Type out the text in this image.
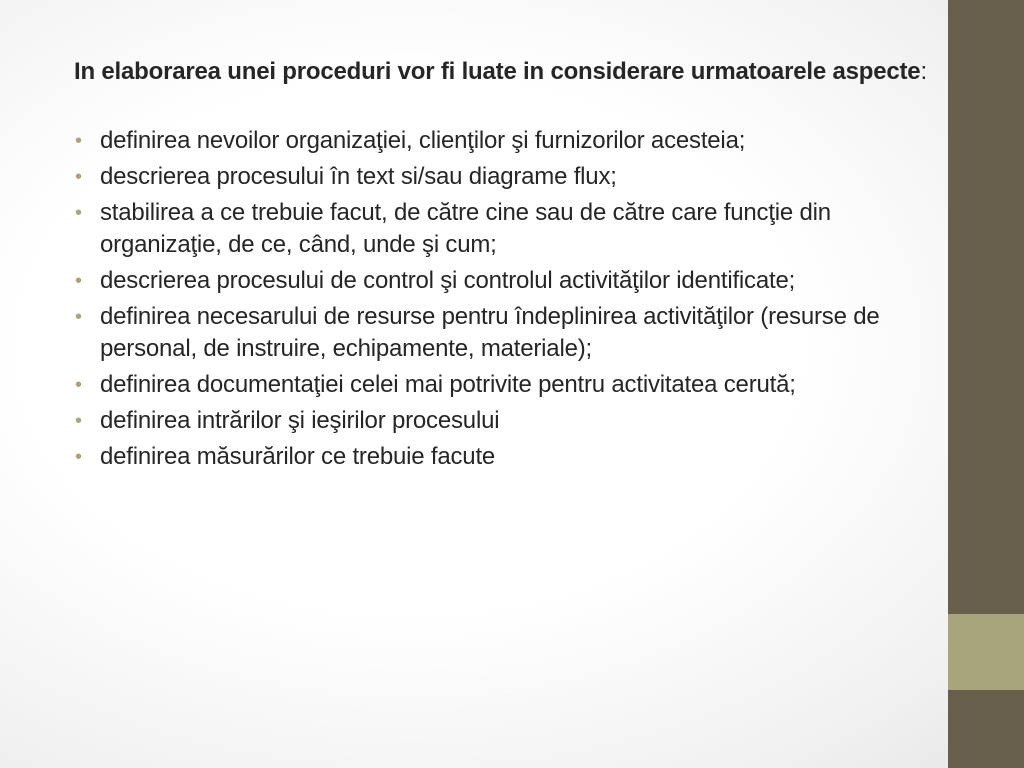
In elaborarea unei proceduri vor fi luate in considerare urmatoarele aspecte:

• definirea nevoilor organizaţiei, clienţilor şi furnizorilor acesteia;
• descrierea procesului în text si/sau diagrame flux;
• stabilirea a ce trebuie facut, de către cine sau de către care funcţie din organizaţie, de ce, când, unde şi cum;
• descrierea procesului de control şi controlul activităţilor identificate;
• definirea necesarului de resurse pentru îndeplinirea activităţilor (resurse de personal, de instruire, echipamente, materiale);
• definirea documentaţiei celei mai potrivite pentru activitatea cerută;
• definirea intrărilor şi ieşirilor procesului
• definirea măsurărilor ce trebuie facute
